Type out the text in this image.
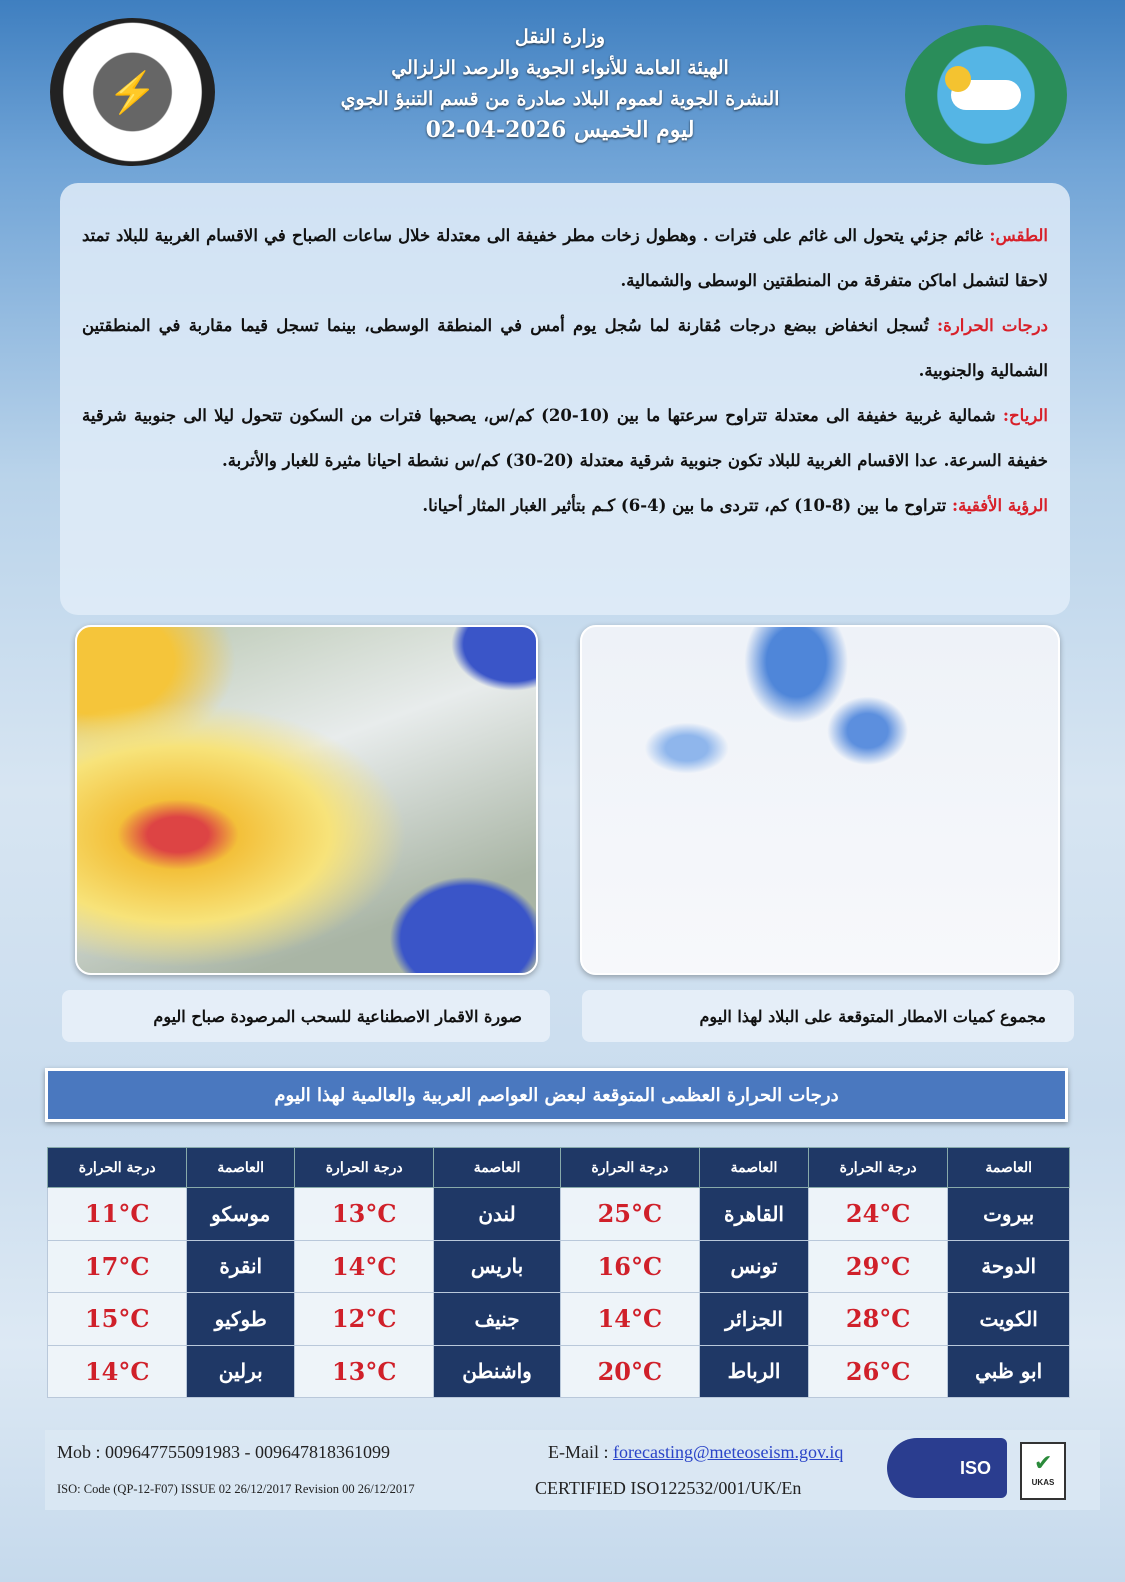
⚡
وزارة النقل
الهيئة العامة للأنواء الجوية والرصد الزلزالي
النشرة الجوية لعموم البلاد صادرة من قسم التنبؤ الجوي
ليوم الخميس 2026-04-02

الطقس: غائم جزئي يتحول الى غائم على فترات . وهطول زخات مطر خفيفة الى معتدلة خلال ساعات الصباح في الاقسام الغربية للبلاد تمتد لاحقا لتشمل اماكن متفرقة من المنطقتين الوسطى والشمالية.

درجات الحرارة: تُسجل انخفاض ببضع درجات مُقارنة لما سُجل يوم أمس في المنطقة الوسطى، بينما تسجل قيما مقاربة في المنطقتين الشمالية والجنوبية.

الرياح: شمالية غربية خفيفة الى معتدلة تتراوح سرعتها ما بين (10-20) كم/س، يصحبها فترات من السكون تتحول ليلا الى جنوبية شرقية خفيفة السرعة. عدا الاقسام الغربية للبلاد تكون جنوبية شرقية معتدلة (20-30) كم/س نشطة احيانا مثيرة للغبار والأتربة.

الرؤية الأفقية: تتراوح ما بين (8-10) كم، تتردى ما بين (4-6) كـم بتأثير الغبار المثار أحيانا.

صورة الاقمار الاصطناعية للسحب المرصودة صباح اليوم	مجموع كميات الامطار المتوقعة على البلاد لهذا اليوم
درجات الحرارة العظمى المتوقعة لبعض العواصم العربية والعالمية لهذا اليوم
العاصمة	درجة الحرارة	العاصمة	درجة الحرارة	العاصمة	درجة الحرارة	العاصمة	درجة الحرارة
بيروت	24°C	القاهرة	25°C	لندن	13°C	موسكو	11°C
الدوحة	29°C	تونس	16°C	باريس	14°C	انقرة	17°C
الكويت	28°C	الجزائر	14°C	جنيف	12°C	طوكيو	15°C
ابو ظبي	26°C	الرباط	20°C	واشنطن	13°C	برلين	14°C
Mob : 009647755091983 - 009647818361099	E-Mail : forecasting@meteoseism.gov.iq
ISO: Code (QP-12-F07) ISSUE 02 26/12/2017 Revision 00 26/12/2017	CERTIFIED ISO122532/001/UK/En
ISO ✔
UKAS
